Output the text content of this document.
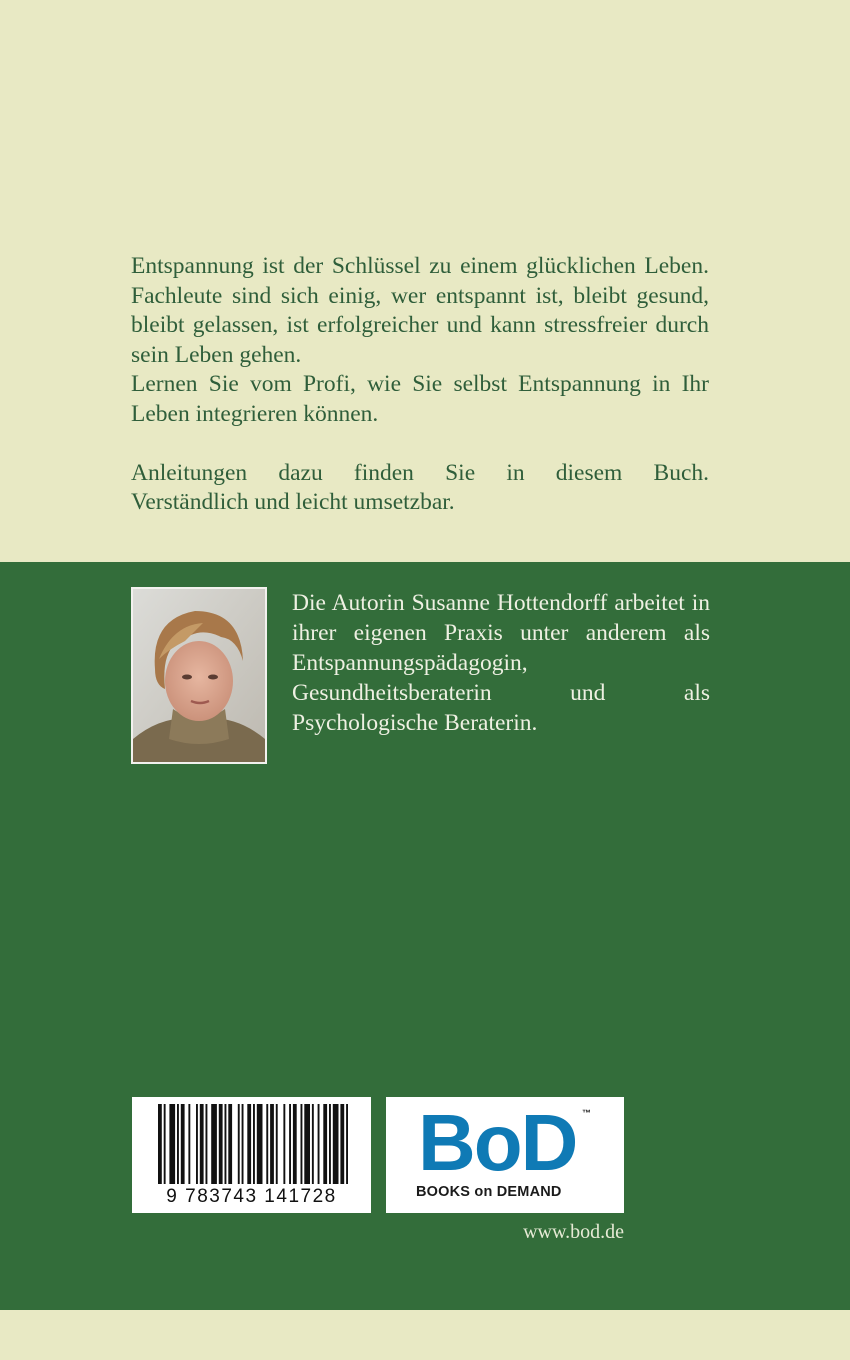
Entspannung ist der Schlüssel zu einem glücklichen Leben. Fachleute sind sich einig, wer entspannt ist, bleibt gesund, bleibt gelassen, ist erfolgreicher und kann stressfreier durch sein Leben gehen.

Lernen Sie vom Profi, wie Sie selbst Entspannung in Ihr Leben integrieren können.

Anleitungen dazu finden Sie in diesem Buch.
Verständlich und leicht umsetzbar.

Die Autorin Susanne Hottendorff arbeitet in ihrer eigenen Praxis unter anderem als Entspannungspädagogin, Gesundheitsberaterin und als Psychologische Beraterin.

9 783743 141728
BoD ™
BOOKS on DEMAND
www.bod.de
